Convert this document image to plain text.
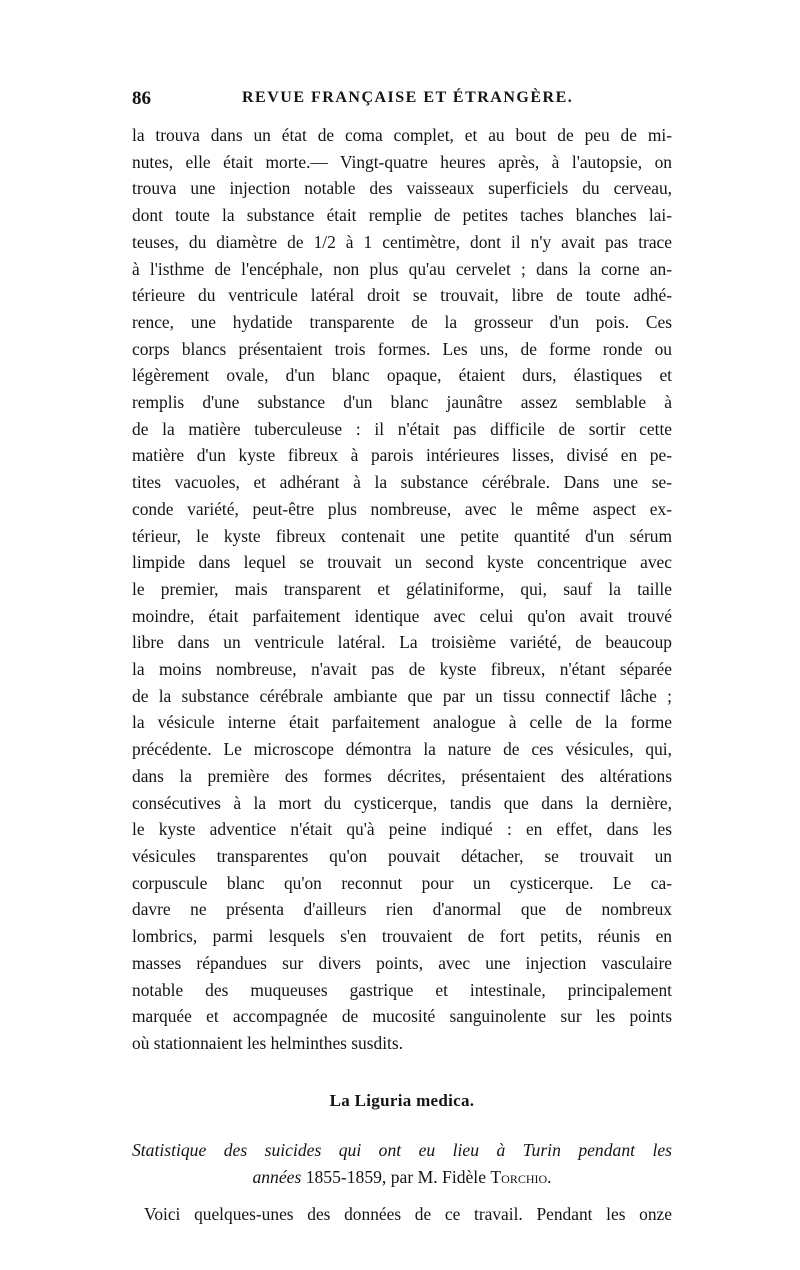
86	REVUE FRANÇAISE ET ÉTRANGÈRE.
la trouva dans un état de coma complet, et au bout de peu de mi-
nutes, elle était morte.— Vingt-quatre heures après, à l'autopsie, on
trouva une injection notable des vaisseaux superficiels du cerveau,
dont toute la substance était remplie de petites taches blanches lai-
teuses, du diamètre de 1/2 à 1 centimètre, dont il n'y avait pas trace
à l'isthme de l'encéphale, non plus qu'au cervelet ; dans la corne an-
térieure du ventricule latéral droit se trouvait, libre de toute adhé-
rence, une hydatide transparente de la grosseur d'un pois. Ces
corps blancs présentaient trois formes. Les uns, de forme ronde ou
légèrement ovale, d'un blanc opaque, étaient durs, élastiques et
remplis d'une substance d'un blanc jaunâtre assez semblable à
de la matière tuberculeuse : il n'était pas difficile de sortir cette
matière d'un kyste fibreux à parois intérieures lisses, divisé en pe-
tites vacuoles, et adhérant à la substance cérébrale. Dans une se-
conde variété, peut-être plus nombreuse, avec le même aspect ex-
térieur, le kyste fibreux contenait une petite quantité d'un sérum
limpide dans lequel se trouvait un second kyste concentrique avec
le premier, mais transparent et gélatiniforme, qui, sauf la taille
moindre, était parfaitement identique avec celui qu'on avait trouvé
libre dans un ventricule latéral. La troisième variété, de beaucoup
la moins nombreuse, n'avait pas de kyste fibreux, n'étant séparée
de la substance cérébrale ambiante que par un tissu connectif lâche ;
la vésicule interne était parfaitement analogue à celle de la forme
précédente. Le microscope démontra la nature de ces vésicules, qui,
dans la première des formes décrites, présentaient des altérations
consécutives à la mort du cysticerque, tandis que dans la dernière,
le kyste adventice n'était qu'à peine indiqué : en effet, dans les
vésicules transparentes qu'on pouvait détacher, se trouvait un
corpuscule blanc qu'on reconnut pour un cysticerque. Le ca-
davre ne présenta d'ailleurs rien d'anormal que de nombreux
lombrics, parmi lesquels s'en trouvaient de fort petits, réunis en
masses répandues sur divers points, avec une injection vasculaire
notable des muqueuses gastrique et intestinale, principalement
marquée et accompagnée de mucosité sanguinolente sur les points
où stationnaient les helminthes susdits.
La Liguria medica.
Statistique des suicides qui ont eu lieu à Turin pendant les
années 1855-1859, par M. Fidèle Torchio.
Voici quelques-unes des données de ce travail. Pendant les onze
